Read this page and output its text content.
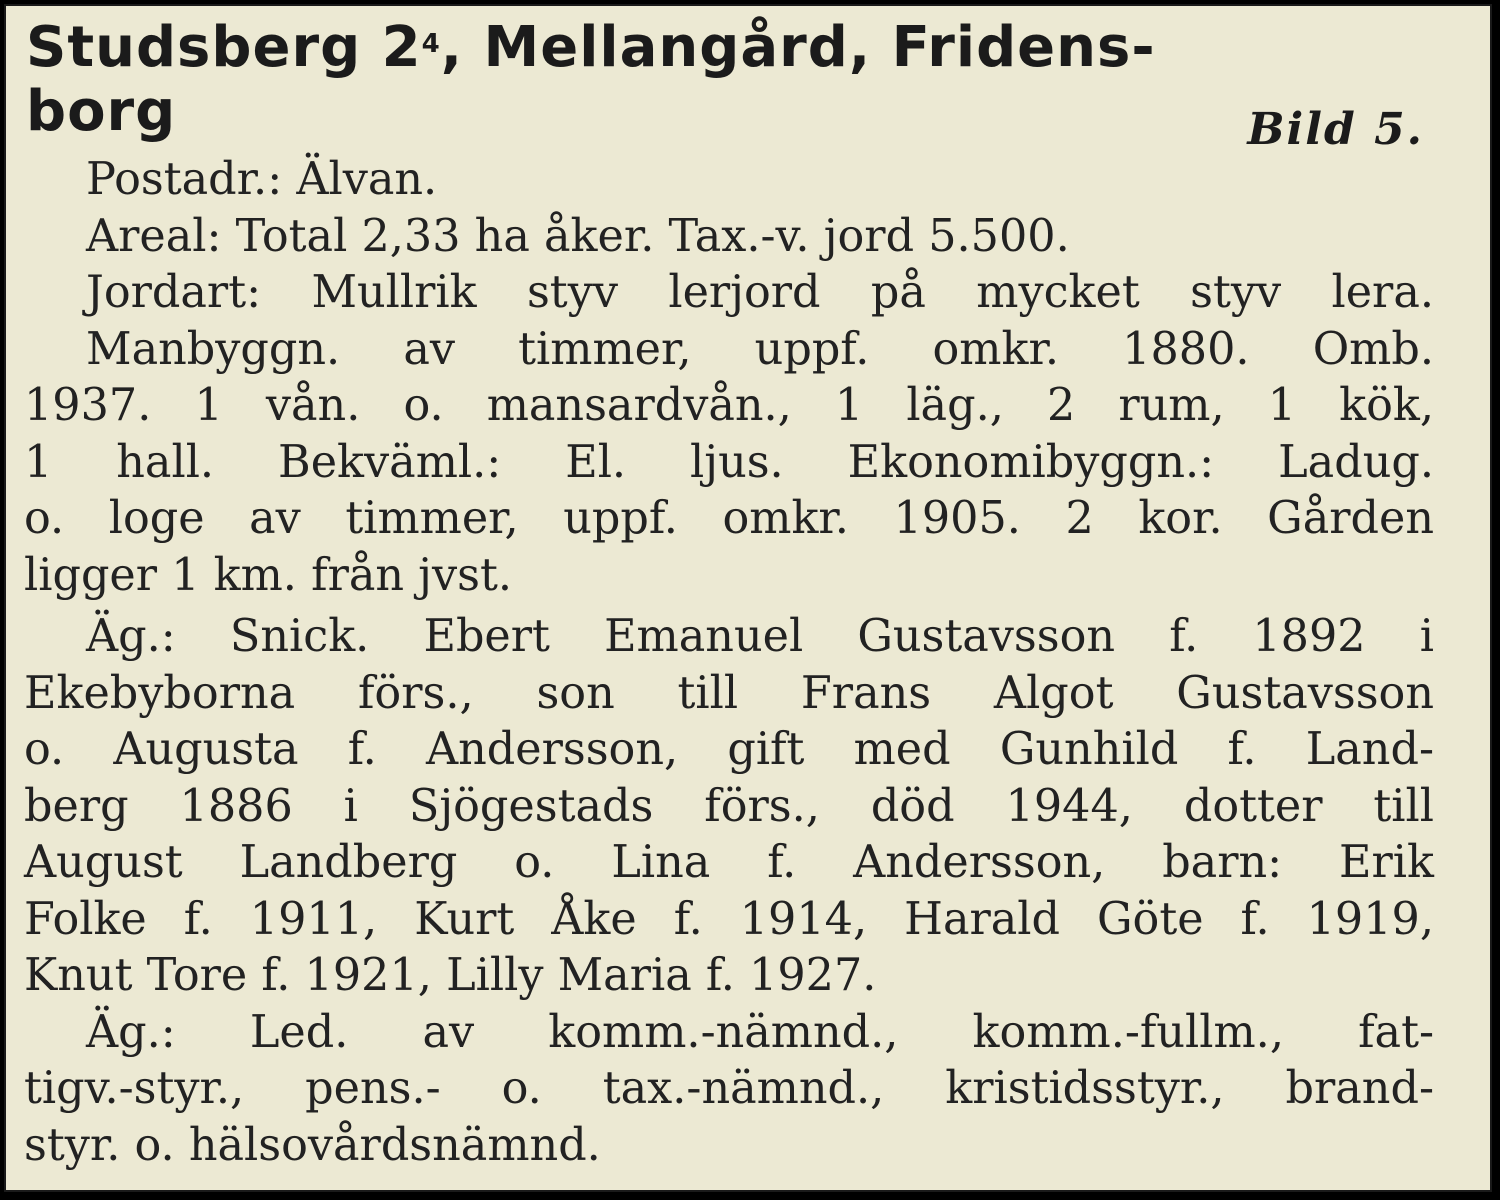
Studsberg $2^4$, Mellangård, Fridens-
borg	Bild 5.
Postadr.: Älvan.
Areal: Total 2,33 ha åker. Tax.-v. jord 5.500.
Jordart: Mullrik styv lerjord på mycket styv lera.
Manbyggn. av timmer, uppf. omkr. 1880. Omb.
1937. 1 vån. o. mansardvån., 1 läg., 2 rum, 1 kök,
1 hall. Bekväml.: El. ljus. Ekonomibyggn.: Ladug.
o. loge av timmer, uppf. omkr. 1905. 2 kor. Gården
ligger 1 km. från jvst.
Äg.: Snick. Ebert Emanuel Gustavsson f. 1892 i
Ekebyborna förs., son till Frans Algot Gustavsson
o. Augusta f. Andersson, gift med Gunhild f. Land-
berg 1886 i Sjögestads förs., död 1944, dotter till
August Landberg o. Lina f. Andersson, barn: Erik
Folke f. 1911, Kurt Åke f. 1914, Harald Göte f. 1919,
Knut Tore f. 1921, Lilly Maria f. 1927.
Äg.: Led. av komm.-nämnd., komm.-fullm., fat-
tigv.-styr., pens.- o. tax.-nämnd., kristidsstyr., brand-
styr. o. hälsovårdsnämnd.
